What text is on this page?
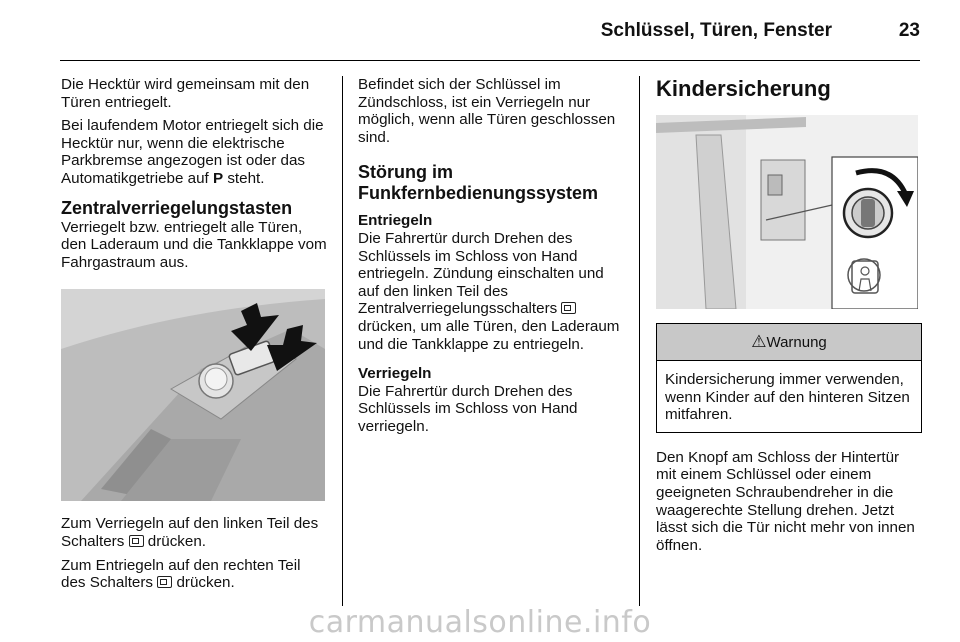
Schlüssel, Türen, Fenster	23

Die Hecktür wird gemeinsam mit den Türen entriegelt.

Bei laufendem Motor entriegelt sich die Hecktür nur, wenn die elektrische Parkbremse angezogen ist oder das Automatikgetriebe auf P steht.

Zentralverriegelungstasten

Verriegelt bzw. entriegelt alle Türen, den Laderaum und die Tankklappe vom Fahrgastraum aus.

Zum Verriegeln auf den linken Teil des Schalters  drücken.

Zum Entriegeln auf den rechten Teil des Schalters  drücken.

Befindet sich der Schlüssel im Zündschloss, ist ein Verriegeln nur möglich, wenn alle Türen geschlossen sind.

Störung im Funkfernbedienungssystem

Entriegeln

Die Fahrertür durch Drehen des Schlüssels im Schloss von Hand entriegeln. Zündung einschalten und auf den linken Teil des Zentralverriegelungsschalters  drücken, um alle Türen, den Laderaum und die Tankklappe zu entriegeln.

Verriegeln

Die Fahrertür durch Drehen des Schlüssels im Schloss von Hand verriegeln.

Kindersicherung
⚠Warnung
Kindersicherung immer verwenden, wenn Kinder auf den hinteren Sitzen mitfahren.

Den Knopf am Schloss der Hintertür mit einem Schlüssel oder einem geeigneten Schraubendreher in die waagerechte Stellung drehen. Jetzt lässt sich die Tür nicht mehr von innen öffnen.

carmanualsonline.info
